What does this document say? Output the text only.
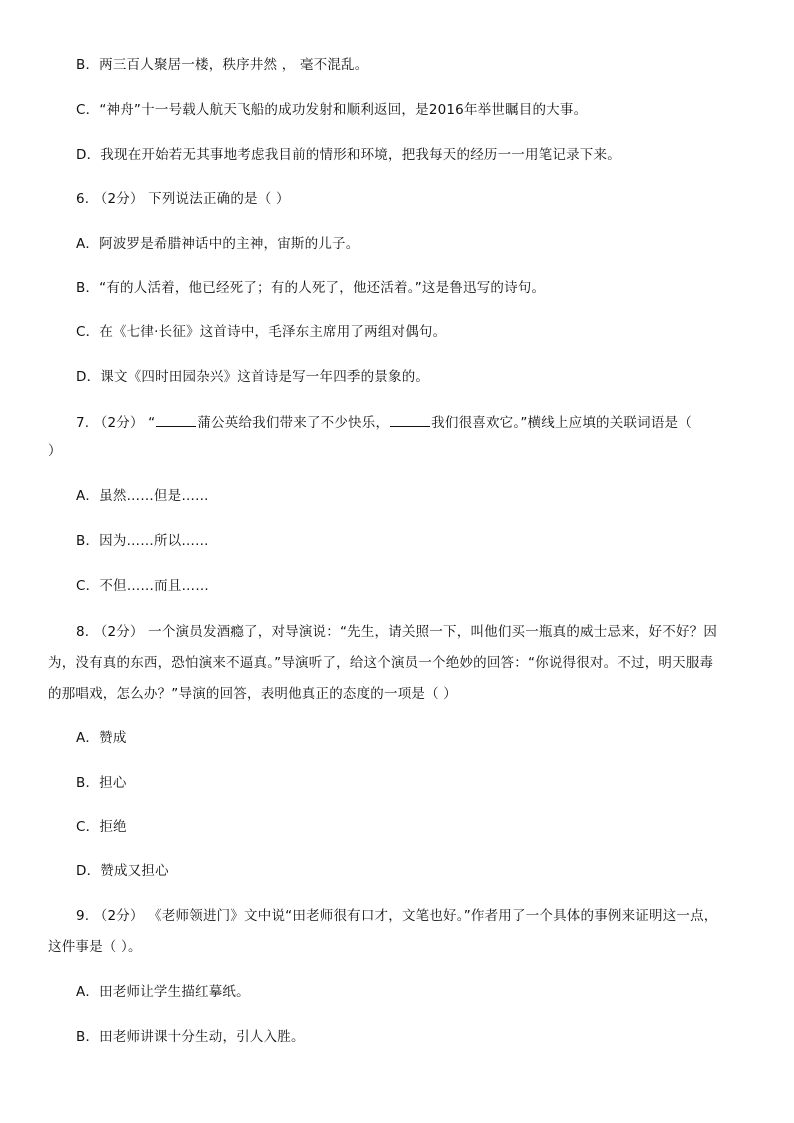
B．两三百人聚居一楼，秩序井然 ， 毫不混乱。
C．“神舟”十一号载人航天飞船的成功发射和顺利返回，是2016年举世瞩目的大事。
D．我现在开始若无其事地考虑我目前的情形和环境，把我每天的经历一一用笔记录下来。
6. （2分） 下列说法正确的是（ ）
A．阿波罗是希腊神话中的主神，宙斯的儿子。
B．“有的人活着，他已经死了；有的人死了，他还活着。”这是鲁迅写的诗句。
C．在《七律·长征》这首诗中，毛泽东主席用了两组对偶句。
D．课文《四时田园杂兴》这首诗是写一年四季的景象的。
7. （2分） “	蒲公英给我们带来了不少快乐，	我们很喜欢它。”横线上应填的关联词语是（
）
A．虽然……但是……
B．因为……所以……
C．不但……而且……
8. （2分） 一个演员发酒瘾了，对导演说：“先生，请关照一下，叫他们买一瓶真的威士忌来，好不好？因
为，没有真的东西，恐怕演来不逼真。”导演听了，给这个演员一个绝妙的回答：“你说得很对。不过，明天服毒
的那唱戏，怎么办？”导演的回答，表明他真正的态度的一项是（ ）
A．赞成
B．担心
C．拒绝
D．赞成又担心
9. （2分） 《老师领进门》文中说“田老师很有口才，文笔也好。”作者用了一个具体的事例来证明这一点，
这件事是（ ）。
A．田老师让学生描红摹纸。
B．田老师讲课十分生动，引人入胜。
